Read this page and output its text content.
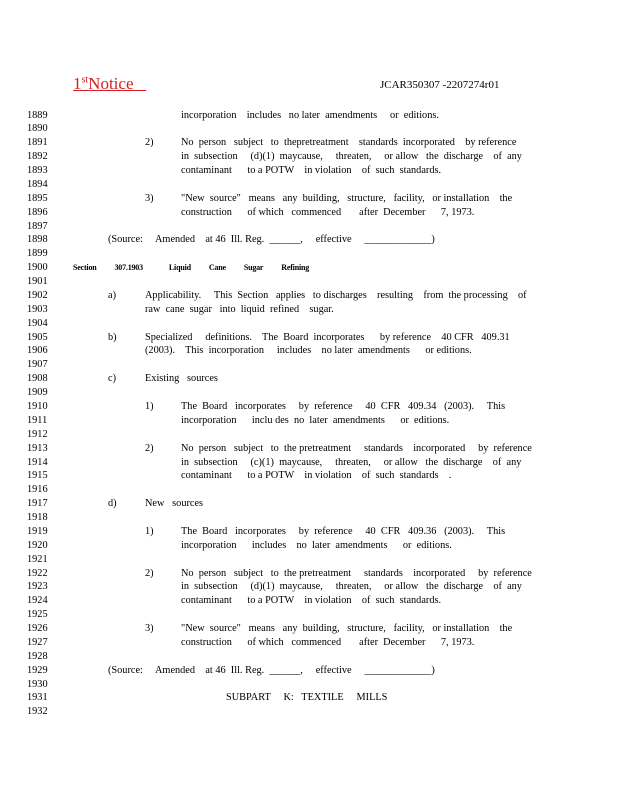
1stNotice	JCAR350307 -2207274r01
1889	incorporation    includes   no later  amendments     or  editions.
1890
1891	2)	No  person   subject   to  thepretreatment    standards  incorporated    by reference
1892	in  subsection     (d)(1)  maycause,     threaten,     or allow   the  discharge    of  any
1893	contaminant      to a POTW    in violation    of  such  standards.
1894
1895	3)	"New  source"   means   any  building,   structure,   facility,   or installation    the
1896	construction      of which   commenced       after  December      7, 1973.
1897
1898	(Source: Amended    at 46  Ill. Reg.  ______,     effective     _____________)
1899
1900	Section 307.1903	Liquid Cane Sugar Refining
1901
1902	a)	Applicability.     This  Section   applies   to discharges    resulting    from  the processing    of
1903	raw  cane  sugar   into  liquid  refined    sugar.
1904
1905	b)	Specialized     definitions.    The  Board  incorporates      by reference    40 CFR   409.31
1906	(2003).    This  incorporation     includes    no later  amendments      or editions.
1907
1908	c)	Existing   sources
1909
1910	1)	The  Board   incorporates     by  reference     40  CFR   409.34   (2003).     This
1911	incorporation      inclu des  no  later  amendments      or  editions.
1912
1913	2)	No  person   subject   to  the pretreatment     standards    incorporated     by  reference
1914	in  subsection     (c)(1)  maycause,     threaten,     or allow   the  discharge    of  any
1915	contaminant      to a POTW    in violation    of  such  standards    .
1916
1917	d)	New   sources
1918
1919	1)	The  Board   incorporates     by  reference     40  CFR   409.36   (2003).     This
1920	incorporation      includes    no  later  amendments      or  editions.
1921
1922	2)	No  person   subject   to  the pretreatment     standards    incorporated     by  reference
1923	in  subsection     (d)(1)  maycause,     threaten,     or allow   the  discharge    of  any
1924	contaminant      to a POTW    in violation    of  such  standards.
1925
1926	3)	"New  source"   means   any  building,   structure,   facility,   or installation    the
1927	construction      of which   commenced       after  December      7, 1973.
1928
1929	(Source: Amended    at 46  Ill. Reg.  ______,     effective     _____________)
1930
1931	SUBPART     K:   TEXTILE     MILLS
1932
